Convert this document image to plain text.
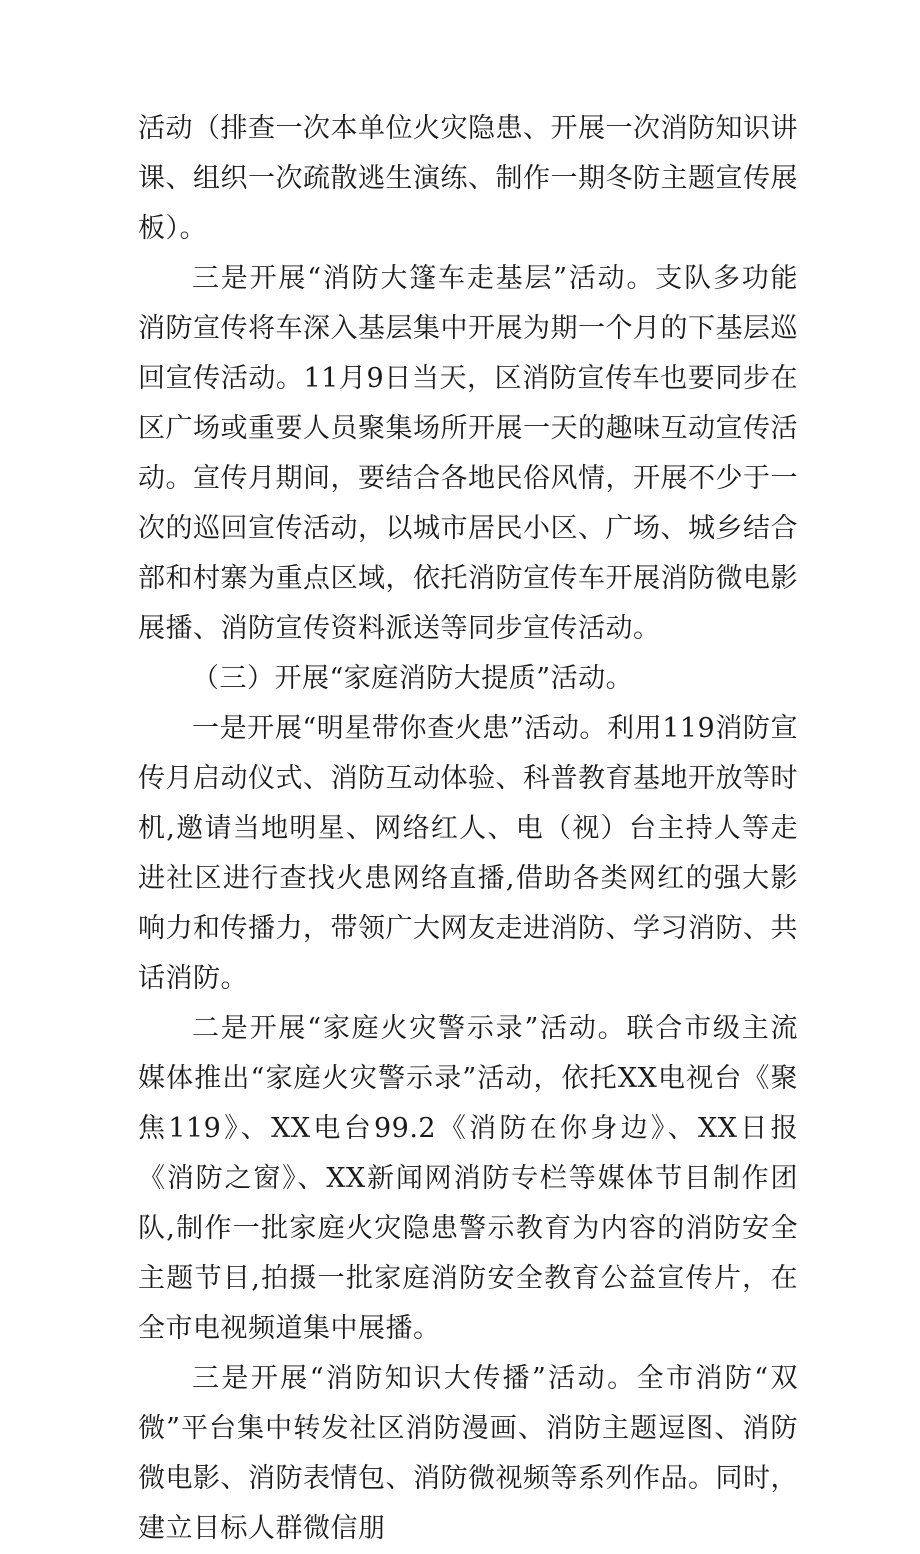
活动（排查一次本单位火灾隐患、开展一次消防知识讲课、组织一次疏散逃生演练、制作一期冬防主题宣传展板）。

三是开展“消防大篷车走基层”活动。支队多功能消防宣传将车深入基层集中开展为期一个月的下基层巡回宣传活动。11月9日当天，区消防宣传车也要同步在区广场或重要人员聚集场所开展一天的趣味互动宣传活动。宣传月期间，要结合各地民俗风情，开展不少于一次的巡回宣传活动，以城市居民小区、广场、城乡结合部和村寨为重点区域，依托消防宣传车开展消防微电影展播、消防宣传资料派送等同步宣传活动。

（三）开展“家庭消防大提质”活动。

一是开展“明星带你查火患”活动。利用119消防宣传月启动仪式、消防互动体验、科普教育基地开放等时机,邀请当地明星、网络红人、电（视）台主持人等走进社区进行查找火患网络直播,借助各类网红的强大影响力和传播力，带领广大网友走进消防、学习消防、共话消防。

二是开展“家庭火灾警示录”活动。联合市级主流媒体推出“家庭火灾警示录”活动，依托XX电视台《聚焦119》、XX电台99.2《消防在你身边》、XX日报《消防之窗》、XX新闻网消防专栏等媒体节目制作团队,制作一批家庭火灾隐患警示教育为内容的消防安全主题节目,拍摄一批家庭消防安全教育公益宣传片，在全市电视频道集中展播。

三是开展“消防知识大传播”活动。全市消防“双微”平台集中转发社区消防漫画、消防主题逗图、消防微电影、消防表情包、消防微视频等系列作品。同时，建立目标人群微信朋
